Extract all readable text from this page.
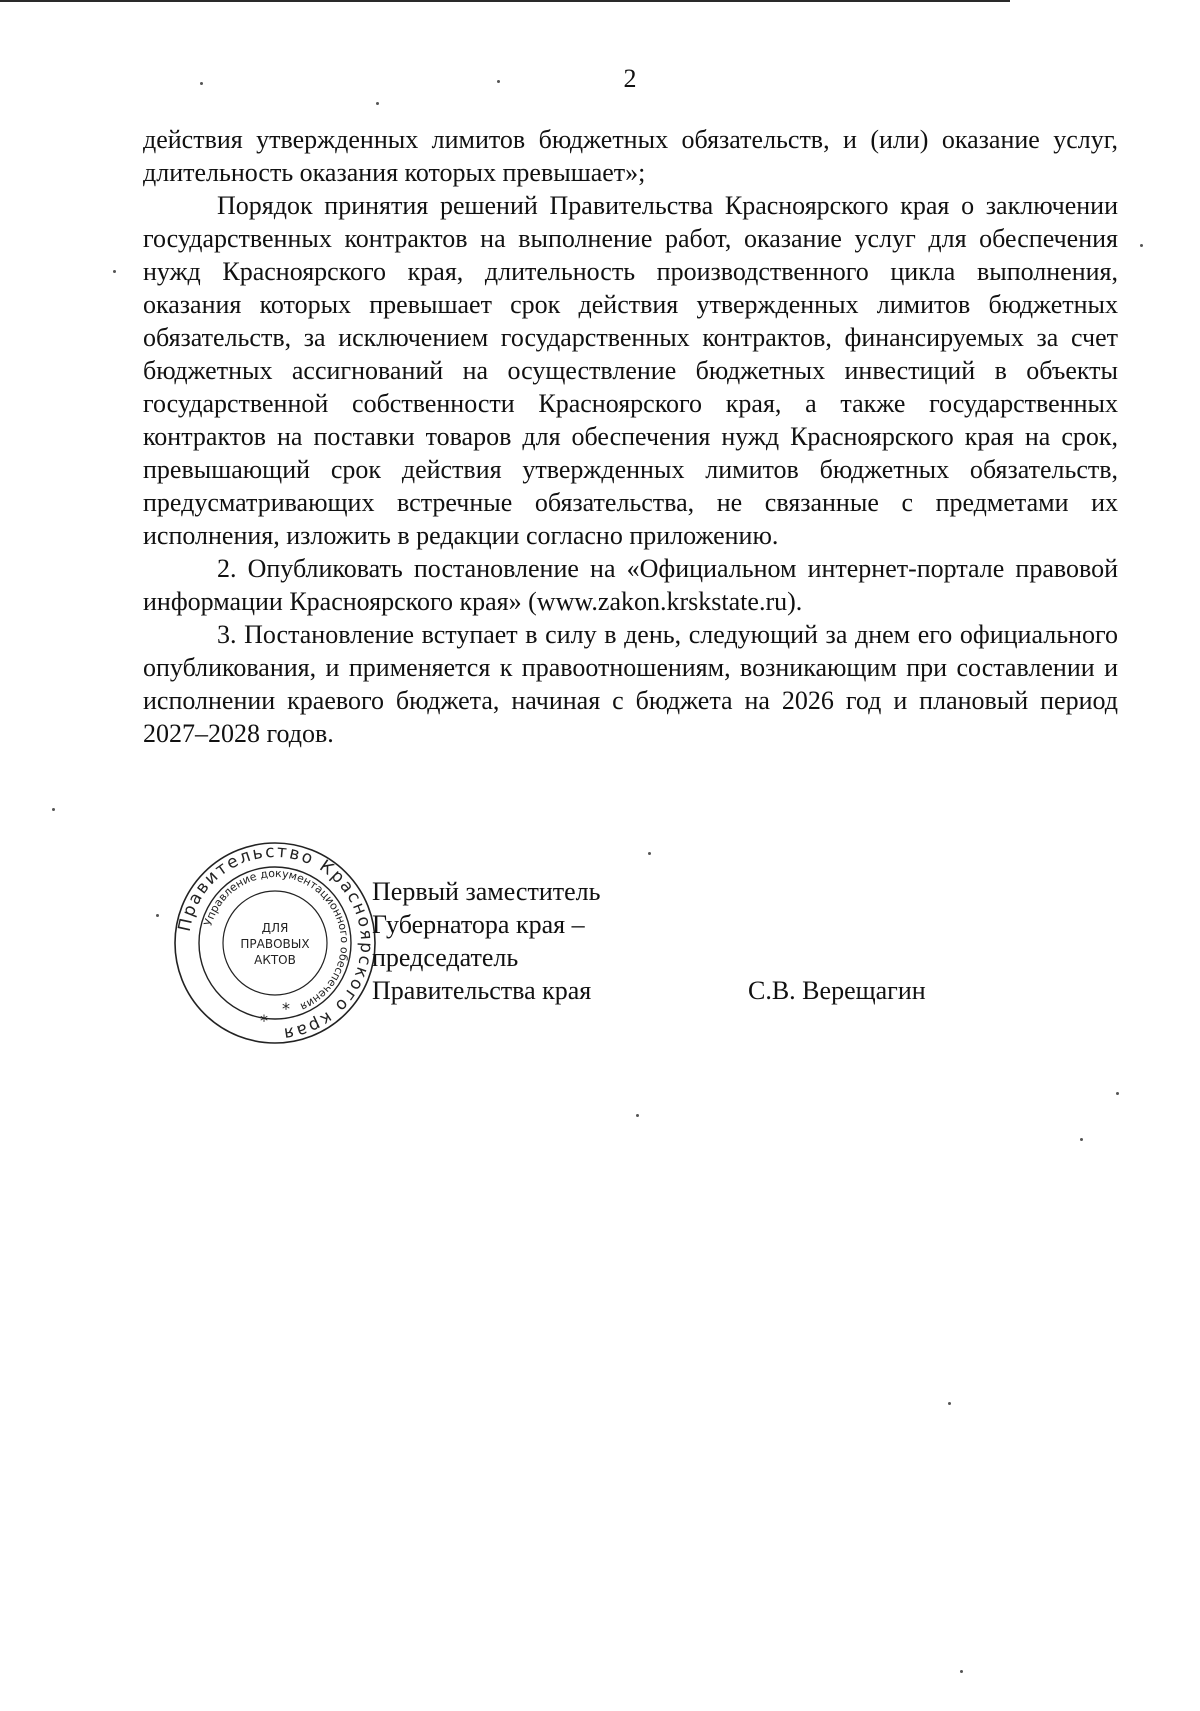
2

действия утвержденных лимитов бюджетных обязательств, и (или) оказание услуг, длительность оказания которых превышает»;

Порядок принятия решений Правительства Красноярского края о заключении государственных контрактов на выполнение работ, оказание услуг для обеспечения нужд Красноярского края, длительность производственного цикла выполнения, оказания которых превышает срок действия утвержденных лимитов бюджетных обязательств, за исключением государственных контрактов, финансируемых за счет бюджетных ассигнований на осуществление бюджетных инвестиций в объекты государственной собственности Красноярского края, а также государственных контрактов на поставки товаров для обеспечения нужд Красноярского края на срок, превышающий срок действия утвержденных лимитов бюджетных обязательств, предусматривающих встречные обязательства, не связанные с предметами их исполнения, изложить в редакции согласно приложению.

2. Опубликовать постановление на «Официальном интернет-портале правовой информации Красноярского края» (www.zakon.krskstate.ru).

3. Постановление вступает в силу в день, следующий за днем его официального опубликования, и применяется к правоотношениям, возникающим при составлении и исполнении краевого бюджета, начиная с бюджета на 2026 год и плановый период 2027–2028 годов.

Правительство Красноярского края
Управление документационного обеспечения
ДЛЯ
ПРАВОВЫХ
АКТОВ
*
*
Первый заместитель
Губернатора края –
председатель
Правительства края	С.В. Верещагин
